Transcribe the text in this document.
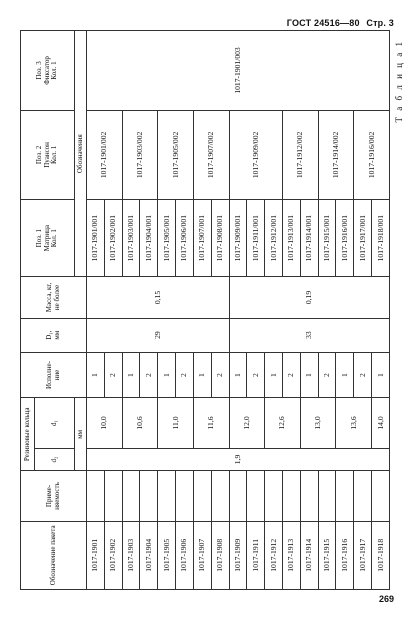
ГОСТ 24516—80 Стр. 3
Т а б л и ц а 1
Обозначение пакета	Приме-
няемость	Резиновые кольца		Исполне-
ние	D₁,
мм	Масса, кг,
не более	Поз. 1
Матрица
Кол. 1	Поз. 2
Пуансон
Кол. 1	Поз. 3
Фиксатор
Кол. 1
		d₂	d₁						
		мм					Обозначения		
1017-1901		1,9	10,0	1	29	0,15	1017-1901/001	1017-1901/002	1017-1901/003
1017-1902				2			1017-1902/001		
1017-1903			10,6	1			1017-1903/001	1017-1903/002	
1017-1904				2			1017-1904/001		
1017-1905			11,0	1			1017-1905/001	1017-1905/002	
1017-1906				2			1017-1906/001		
1017-1907			11,6	1			1017-1907/001	1017-1907/002	
1017-1908				2			1017-1908/001		
1017-1909			12,0	1	33	0,19	1017-1909/001	1017-1909/002	
1017-1911				2			1017-1911/001		
1017-1912			12,6	1			1017-1912/001		
1017-1913				2			1017-1913/001	1017-1912/002	
1017-1914			13,0	1			1017-1914/001		
1017-1915				2			1017-1915/001	1017-1914/002	
1017-1916			13,6	1			1017-1916/001		
1017-1917				2			1017-1917/001	1017-1916/002	
1017-1918			14,0	1			1017-1918/001		
269
